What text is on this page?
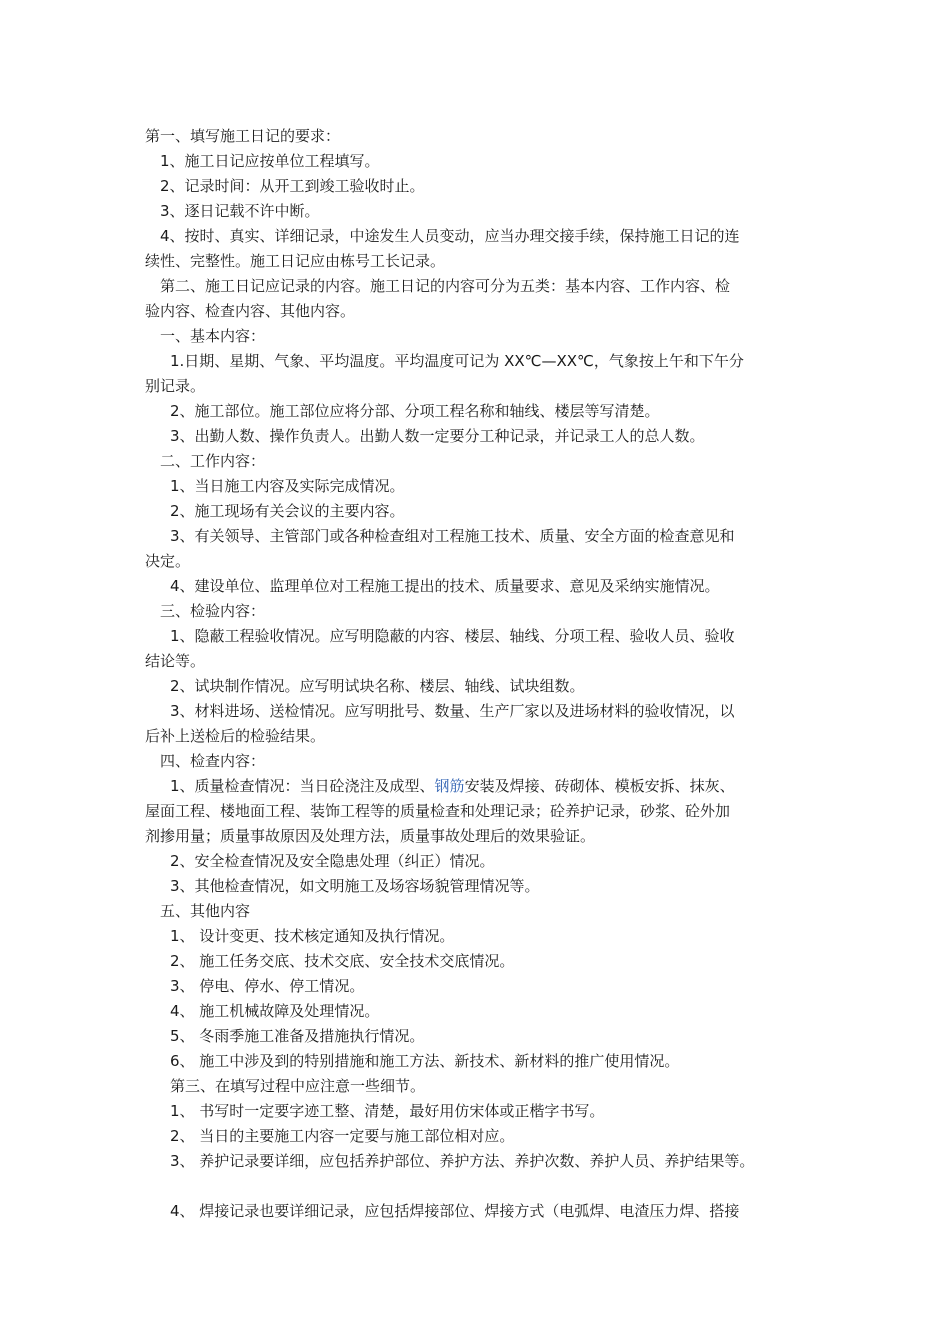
第一、填写施工日记的要求：
1、施工日记应按单位工程填写。
2、记录时间：从开工到竣工验收时止。
3、逐日记载不许中断。
4、按时、真实、详细记录，中途发生人员变动，应当办理交接手续，保持施工日记的连
续性、完整性。施工日记应由栋号工长记录。
第二、施工日记应记录的内容。施工日记的内容可分为五类：基本内容、工作内容、检
验内容、检查内容、其他内容。
一、基本内容：
1.日期、星期、气象、平均温度。平均温度可记为 XX℃—XX℃，气象按上午和下午分
别记录。
2、施工部位。施工部位应将分部、分项工程名称和轴线、楼层等写清楚。
3、出勤人数、操作负责人。出勤人数一定要分工种记录，并记录工人的总人数。
二、工作内容：
1、当日施工内容及实际完成情况。
2、施工现场有关会议的主要内容。
3、有关领导、主管部门或各种检查组对工程施工技术、质量、安全方面的检查意见和
决定。
4、建设单位、监理单位对工程施工提出的技术、质量要求、意见及采纳实施情况。
三、检验内容：
1、隐蔽工程验收情况。应写明隐蔽的内容、楼层、轴线、分项工程、验收人员、验收
结论等。
2、试块制作情况。应写明试块名称、楼层、轴线、试块组数。
3、材料进场、送检情况。应写明批号、数量、生产厂家以及进场材料的验收情况，以
后补上送检后的检验结果。
四、检查内容：
1、质量检查情况：当日砼浇注及成型、钢筋安装及焊接、砖砌体、模板安拆、抹灰、
屋面工程、楼地面工程、装饰工程等的质量检查和处理记录；砼养护记录，砂浆、砼外加
剂掺用量；质量事故原因及处理方法，质量事故处理后的效果验证。
2、安全检查情况及安全隐患处理（纠正）情况。
3、其他检查情况，如文明施工及场容场貌管理情况等。
五、其他内容
1、 设计变更、技术核定通知及执行情况。
2、 施工任务交底、技术交底、安全技术交底情况。
3、 停电、停水、停工情况。
4、 施工机械故障及处理情况。
5、 冬雨季施工准备及措施执行情况。
6、 施工中涉及到的特别措施和施工方法、新技术、新材料的推广使用情况。
第三、在填写过程中应注意一些细节。
1、 书写时一定要字迹工整、清楚，最好用仿宋体或正楷字书写。
2、 当日的主要施工内容一定要与施工部位相对应。
3、 养护记录要详细，应包括养护部位、养护方法、养护次数、养护人员、养护结果等。
4、 焊接记录也要详细记录，应包括焊接部位、焊接方式（电弧焊、电渣压力焊、搭接
